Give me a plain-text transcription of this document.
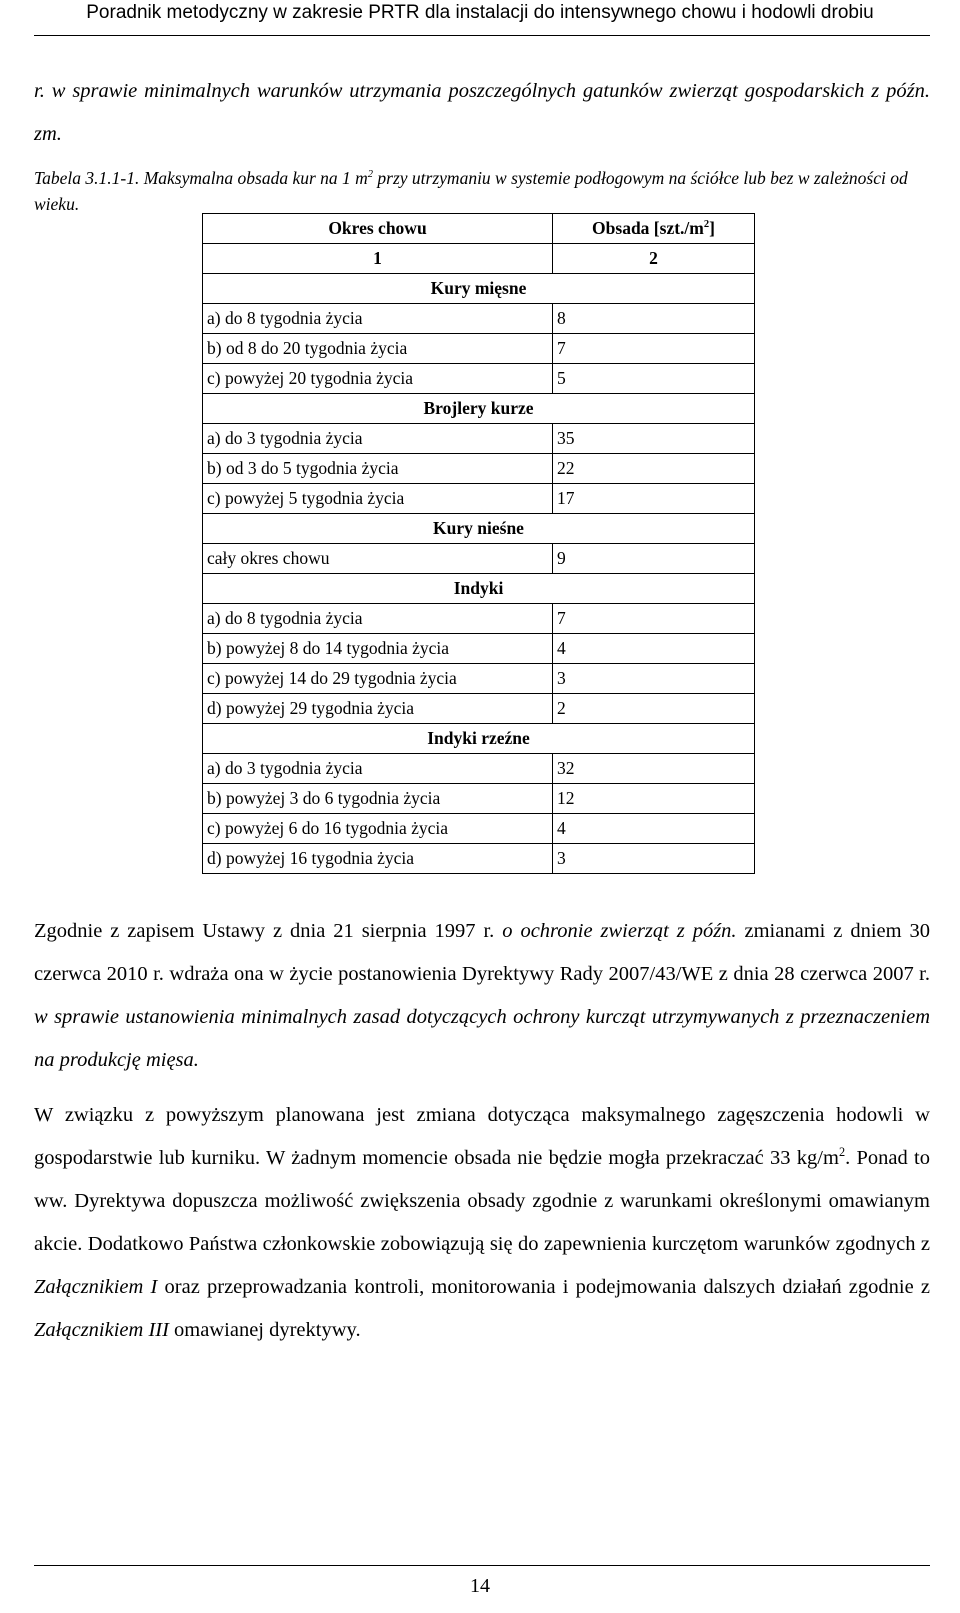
Poradnik metodyczny w zakresie PRTR dla instalacji do intensywnego chowu i hodowli drobiu
r. w sprawie minimalnych warunków utrzymania poszczególnych gatunków zwierząt gospodarskich z późn. zm.
Tabela 3.1.1-1. Maksymalna obsada kur na 1 $m^2$ przy utrzymaniu w systemie podłogowym na ściółce lub bez w zależności od wieku.
Okres chowu	Obsada $[szt./m^2]$
1	2
Kury mięsne	
a) do 8 tygodnia życia	8
b) od 8 do 20 tygodnia życia	7
c) powyżej 20 tygodnia życia	5
Brojlery kurze	
a) do 3 tygodnia życia	35
b) od 3 do 5 tygodnia życia	22
c) powyżej 5 tygodnia życia	17
Kury nieśne	
cały okres chowu	9
Indyki	
a) do 8 tygodnia życia	7
b) powyżej 8 do 14 tygodnia życia	4
c) powyżej 14 do 29 tygodnia życia	3
d) powyżej 29 tygodnia życia	2
Indyki rzeźne	
a) do 3 tygodnia życia	32
b) powyżej 3 do 6 tygodnia życia	12
c) powyżej 6 do 16 tygodnia życia	4
d) powyżej 16 tygodnia życia	3

Zgodnie z zapisem Ustawy z dnia 21 sierpnia 1997 r. o ochronie zwierząt z późn. zmianami z dniem 30 czerwca 2010 r. wdraża ona w życie postanowienia Dyrektywy Rady 2007/43/WE z dnia 28 czerwca 2007 r. w sprawie ustanowienia minimalnych zasad dotyczących ochrony kurcząt utrzymywanych z przeznaczeniem na produkcję mięsa.

W związku z powyższym planowana jest zmiana dotycząca maksymalnego zagęszczenia hodowli w gospodarstwie lub kurniku. W żadnym momencie obsada nie będzie mogła przekraczać 33 $kg/m^2$. Ponad to ww. Dyrektywa dopuszcza możliwość zwiększenia obsady zgodnie z warunkami określonymi omawianym akcie. Dodatkowo Państwa członkowskie zobowiązują się do zapewnienia kurczętom warunków zgodnych z Załącznikiem I oraz przeprowadzania kontroli, monitorowania i podejmowania dalszych działań zgodnie z Załącznikiem III omawianej dyrektywy.

14
